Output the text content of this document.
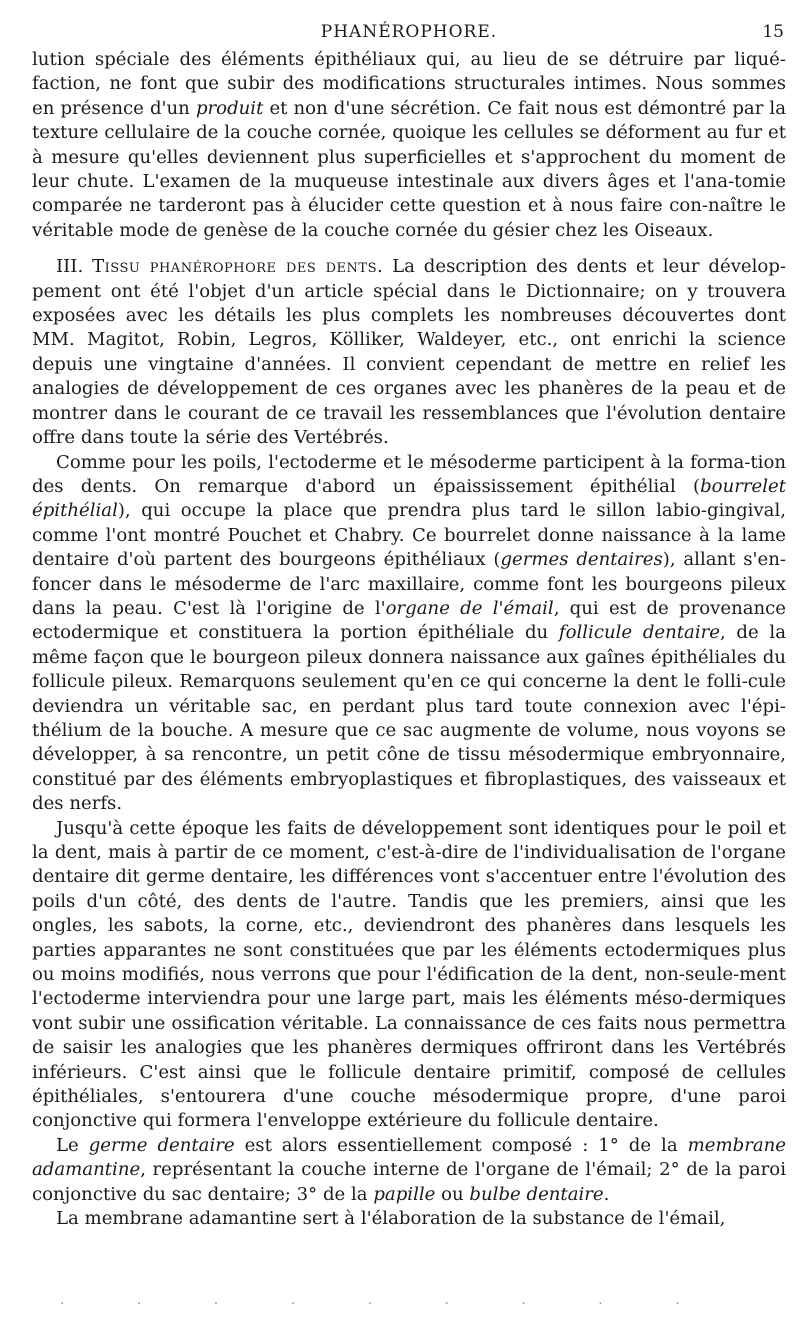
PHANÉROPHORE.	15

lution spéciale des éléments épithéliaux qui, au lieu de se détruire par liqué-faction, ne font que subir des modifications structurales intimes. Nous sommes en présence d'un produit et non d'une sécrétion. Ce fait nous est démontré par la texture cellulaire de la couche cornée, quoique les cellules se déforment au fur et à mesure qu'elles deviennent plus superficielles et s'approchent du moment de leur chute. L'examen de la muqueuse intestinale aux divers âges et l'ana-tomie comparée ne tarderont pas à élucider cette question et à nous faire con-naître le véritable mode de genèse de la couche cornée du gésier chez les Oiseaux.

III. Tissu phanérophore des dents. La description des dents et leur dévelop-pement ont été l'objet d'un article spécial dans le Dictionnaire; on y trouvera exposées avec les détails les plus complets les nombreuses découvertes dont MM. Magitot, Robin, Legros, Kölliker, Waldeyer, etc., ont enrichi la science depuis une vingtaine d'années. Il convient cependant de mettre en relief les analogies de développement de ces organes avec les phanères de la peau et de montrer dans le courant de ce travail les ressemblances que l'évolution dentaire offre dans toute la série des Vertébrés.

Comme pour les poils, l'ectoderme et le mésoderme participent à la forma-tion des dents. On remarque d'abord un épaississement épithélial (bourrelet épithélial), qui occupe la place que prendra plus tard le sillon labio-gingival, comme l'ont montré Pouchet et Chabry. Ce bourrelet donne naissance à la lame dentaire d'où partent des bourgeons épithéliaux (germes dentaires), allant s'en-foncer dans le mésoderme de l'arc maxillaire, comme font les bourgeons pileux dans la peau. C'est là l'origine de l'organe de l'émail, qui est de provenance ectodermique et constituera la portion épithéliale du follicule dentaire, de la même façon que le bourgeon pileux donnera naissance aux gaînes épithéliales du follicule pileux. Remarquons seulement qu'en ce qui concerne la dent le folli-cule deviendra un véritable sac, en perdant plus tard toute connexion avec l'épi-thélium de la bouche. A mesure que ce sac augmente de volume, nous voyons se développer, à sa rencontre, un petit cône de tissu mésodermique embryonnaire, constitué par des éléments embryoplastiques et fibroplastiques, des vaisseaux et des nerfs.

Jusqu'à cette époque les faits de développement sont identiques pour le poil et la dent, mais à partir de ce moment, c'est-à-dire de l'individualisation de l'organe dentaire dit germe dentaire, les différences vont s'accentuer entre l'évolution des poils d'un côté, des dents de l'autre. Tandis que les premiers, ainsi que les ongles, les sabots, la corne, etc., deviendront des phanères dans lesquels les parties apparantes ne sont constituées que par les éléments ectodermiques plus ou moins modifiés, nous verrons que pour l'édification de la dent, non-seule-ment l'ectoderme interviendra pour une large part, mais les éléments méso-dermiques vont subir une ossification véritable. La connaissance de ces faits nous permettra de saisir les analogies que les phanères dermiques offriront dans les Vertébrés inférieurs. C'est ainsi que le follicule dentaire primitif, composé de cellules épithéliales, s'entourera d'une couche mésodermique propre, d'une paroi conjonctive qui formera l'enveloppe extérieure du follicule dentaire.

Le germe dentaire est alors essentiellement composé : 1° de la membrane adamantine, représentant la couche interne de l'organe de l'émail; 2° de la paroi conjonctive du sac dentaire; 3° de la papille ou bulbe dentaire.

La membrane adamantine sert à l'élaboration de la substance de l'émail,

. . . . . . . . .
